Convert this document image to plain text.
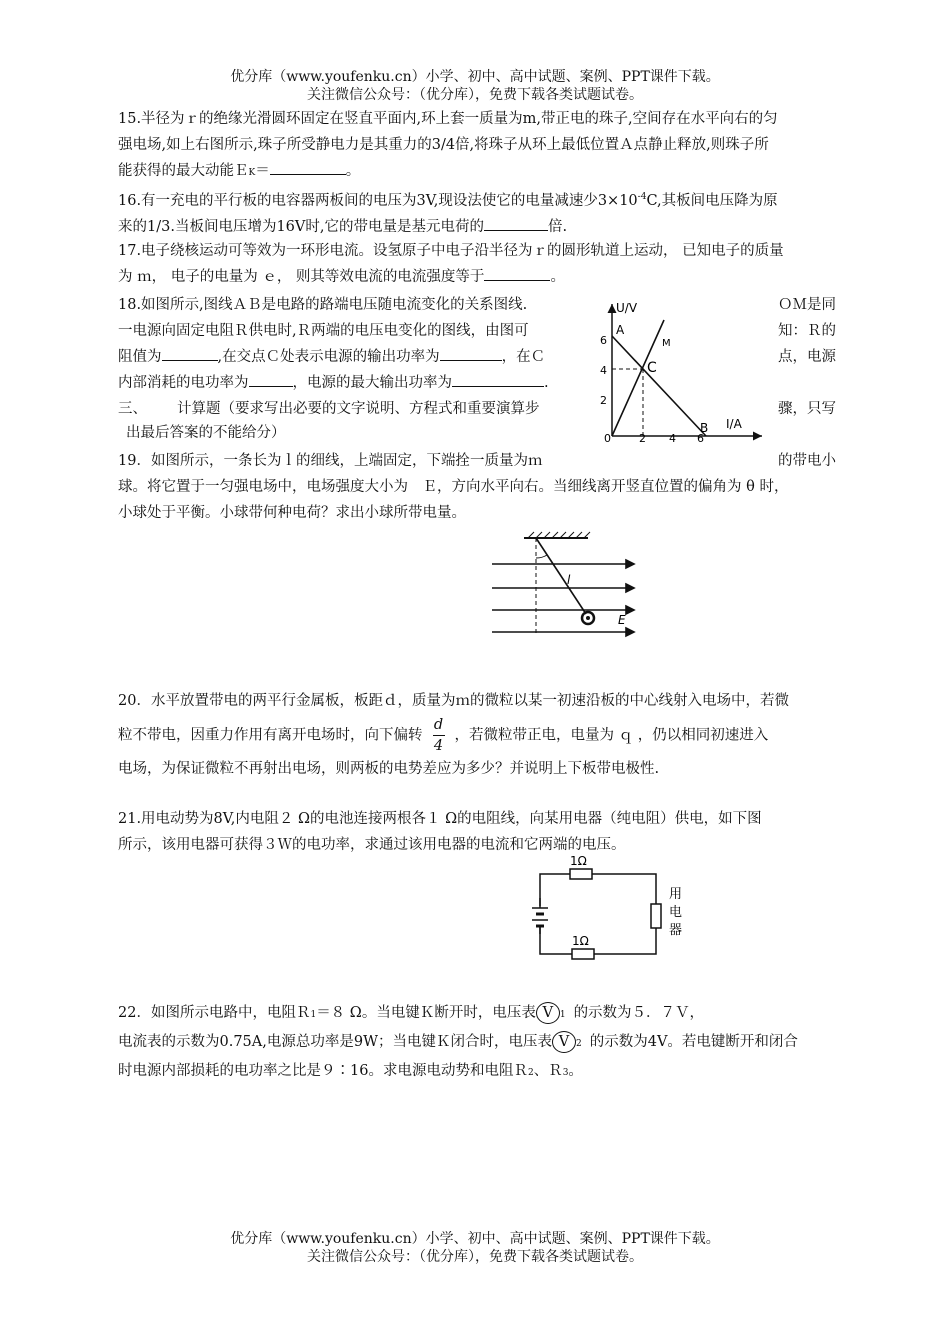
优分库（www.youfenku.cn）小学、初中、高中试题、案例、PPT课件下载。
关注微信公众号：（优分库），免费下载各类试题试卷。
15.半径为ｒ的绝缘光滑圆环固定在竖直平面内,环上套一质量为m,带正电的珠子,空间存在水平向右的匀
强电场,如上右图所示,珠子所受静电力是其重力的3/4倍,将珠子从环上最低位置Ａ点静止释放,则珠子所
能获得的最大动能ＥK＝	。
16.有一充电的平行板的电容器两板间的电压为3V,现设法使它的电量减速少$3\times 10^{-4}C$,其板间电压降为原
来的1/3.当板间电压增为16V时,它的带电量是基元电荷的	倍.
17.电子绕核运动可等效为一环形电流。设氢原子中电子沿半径为ｒ的圆形轨道上运动， 已知电子的质量
为 ｍ， 电子的电量为 ｅ， 则其等效电流的电流强度等于	。
18.如图所示,图线ＡＢ是电路的路端电压随电流变化的关系图线.	ＯＭ是同
一电源向固定电阻Ｒ供电时,Ｒ两端的电压电变化的图线，由图可	知：Ｒ的
阻值为	,在交点Ｃ处表示电源的输出功率为	，在Ｃ	点，电源
内部消耗的电功率为	，电源的最大输出功率为	.
三、 计算题（要求写出必要的文字说明、方程式和重要演算步	骤，只写
出最后答案的不能给分）
U/V
I/A
A
M
C
B
0
6
4
2
2 4 6
19．如图所示，一条长为ｌ的细线，上端固定，下端拴一质量为ｍ	的带电小
球。将它置于一匀强电场中，电场强度大小为　Ｅ，方向水平向右。当细线离开竖直位置的偏角为 θ 时，
小球处于平衡。小球带何种电荷？求出小球所带电量。
l
E
20．水平放置带电的两平行金属板，板距ｄ，质量为ｍ的微粒以某一初速沿板的中心线射入电场中，若微
粒不带电，因重力作用有离开电场时，向下偏转 $\frac{d}{4}$ ，若微粒带正电，电量为 ｑ ，仍以相同初速进入
电场，为保证微粒不再射出电场，则两板的电势差应为多少？并说明上下板带电极性.
21.用电动势为8V,内电阻２ Ω的电池连接两根各１ Ω的电阻线，向某用电器（纯电阻）供电，如下图
所示，该用电器可获得３Ｗ的电功率，求通过该用电器的电流和它两端的电压。
1Ω
1Ω
用
电
器
22．如图所示电路中，电阻Ｒ1＝８ Ω。当电键Ｋ断开时，电压表 V 1 的示数为５．７Ｖ，
电流表的示数为0.75A,电源总功率是9W；当电键Ｋ闭合时，电压表 V 2 的示数为4V。若电键断开和闭合
时电源内部损耗的电功率之比是９∶16。求电源电动势和电阻Ｒ2、Ｒ3。
优分库（www.youfenku.cn）小学、初中、高中试题、案例、PPT课件下载。
关注微信公众号：（优分库），免费下载各类试题试卷。
